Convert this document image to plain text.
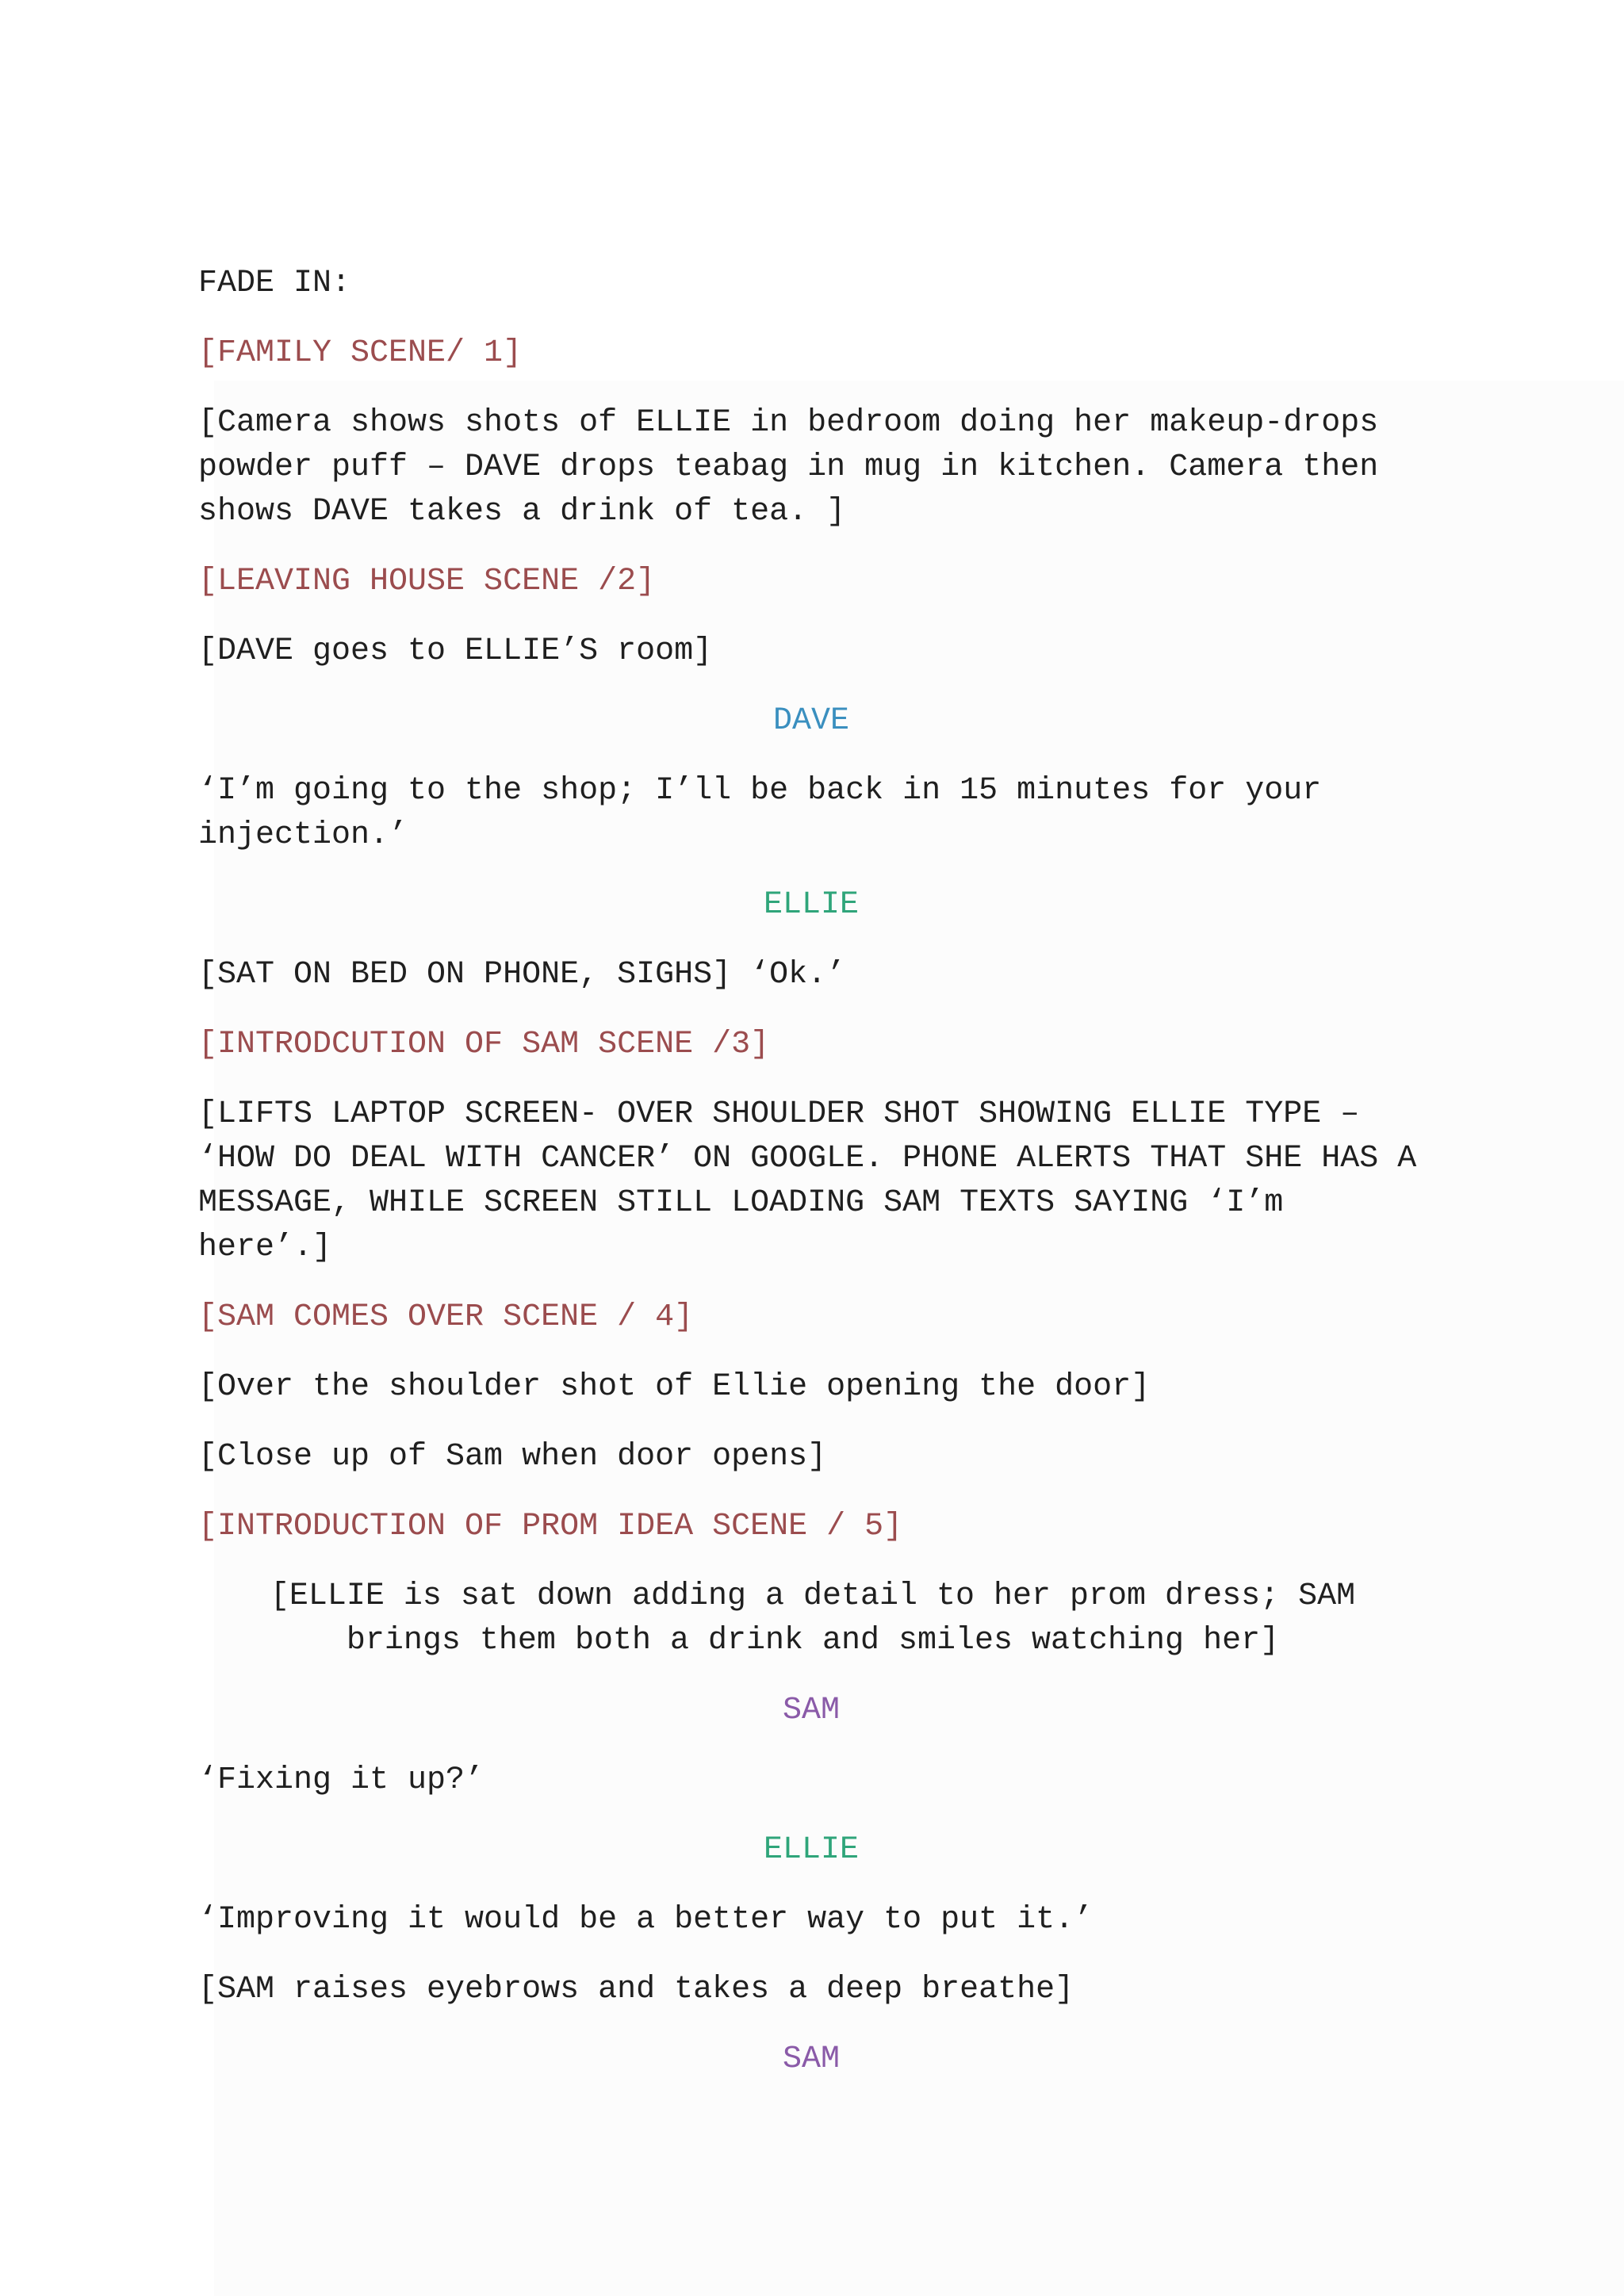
FADE IN:
[FAMILY SCENE/ 1]
[Camera shows shots of ELLIE in bedroom doing her makeup-drops powder puff – DAVE drops teabag in mug in kitchen. Camera then shows DAVE takes a drink of tea. ]
[LEAVING HOUSE SCENE /2]
[DAVE goes to ELLIE’S room]
DAVE
‘I’m going to the shop; I’ll be back in 15 minutes for your injection.’
ELLIE
[SAT ON BED ON PHONE, SIGHS] ‘Ok.’
[INTRODCUTION OF SAM SCENE /3]
[LIFTS LAPTOP SCREEN- OVER SHOULDER SHOT SHOWING ELLIE TYPE – ‘HOW DO DEAL WITH CANCER’ ON GOOGLE. PHONE ALERTS THAT SHE HAS A MESSAGE, WHILE SCREEN STILL LOADING SAM TEXTS SAYING ‘I’m here’.]
[SAM COMES OVER SCENE / 4]
[Over the shoulder shot of Ellie opening the door]
[Close up of Sam when door opens]
[INTRODUCTION OF PROM IDEA SCENE / 5]
[ELLIE is sat down adding a detail to her prom dress; SAM brings them both a drink and smiles watching her]
SAM
‘Fixing it up?’
ELLIE
‘Improving it would be a better way to put it.’
[SAM raises eyebrows and takes a deep breathe]
SAM
